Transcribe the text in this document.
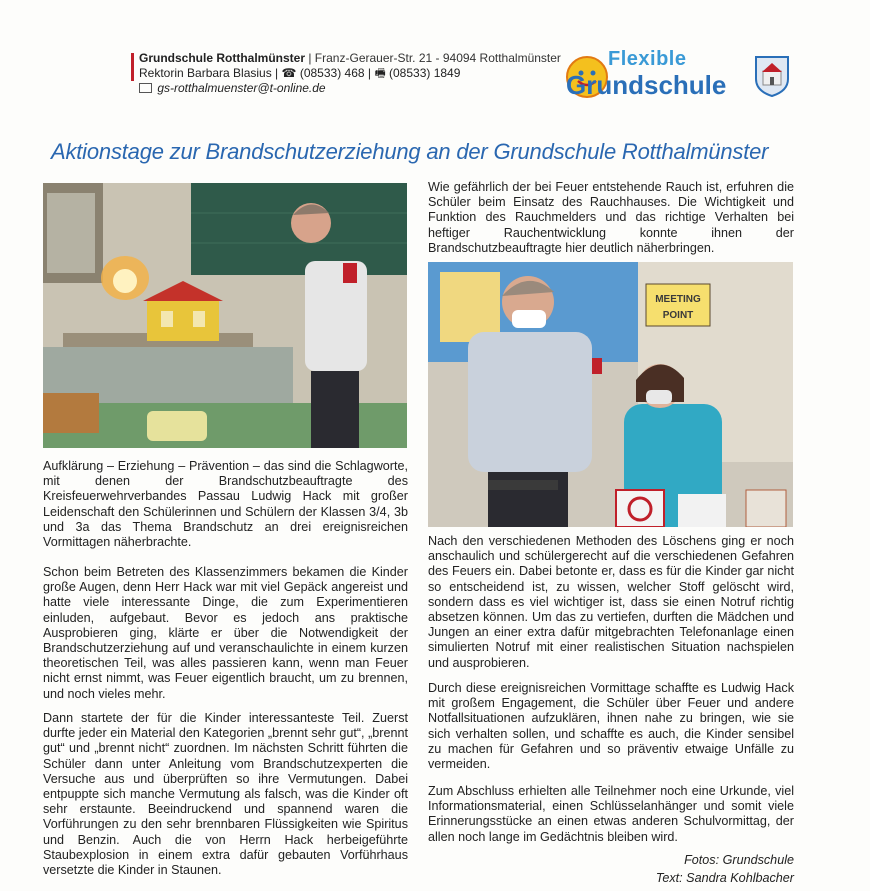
Grundschule Rotthalmünster | Franz-Gerauer-Str. 21 - 94094 Rotthalmünster
Rektorin Barbara Blasius | ☎ (08533) 468 | 🖷 (08533) 1849
gs-rotthalmuenster@t-online.de
Flexible
Grundschule
Aktionstage zur Brandschutzerziehung an der Grundschule Rotthalmünster
MEETING
POINT
Aufklärung – Erziehung – Prävention – das sind die Schlagworte, mit denen der Brandschutzbeauftragte des Kreisfeuerwehrverbandes Passau Ludwig Hack mit großer Leidenschaft den Schülerinnen und Schülern der Klassen 3/4, 3b und 3a das Thema Brandschutz an drei ereignisreichen Vormittagen näherbrachte.
Schon beim Betreten des Klassenzimmers bekamen die Kinder große Augen, denn Herr Hack war mit viel Gepäck angereist und hatte viele interessante Dinge, die zum Experimentieren einluden, aufgebaut. Bevor es jedoch ans praktische Ausprobieren ging, klärte er über die Notwendigkeit der Brandschutzerziehung auf und veranschaulichte in einem kurzen theoretischen Teil, was alles passieren kann, wenn man Feuer nicht ernst nimmt, was Feuer eigentlich braucht, um zu brennen, und noch vieles mehr.
Dann startete der für die Kinder interessanteste Teil. Zuerst durfte jeder ein Material den Kategorien „brennt sehr gut“, „brennt gut“ und „brennt nicht“ zuordnen. Im nächsten Schritt führten die Schüler dann unter Anleitung vom Brandschutzexperten die Versuche aus und überprüften so ihre Vermutungen. Dabei entpuppte sich manche Vermutung als falsch, was die Kinder oft sehr erstaunte. Beeindruckend und spannend waren die Vorführungen zu den sehr brennbaren Flüssigkeiten wie Spiritus und Benzin. Auch die von Herrn Hack herbeigeführte Staubexplosion in einem extra dafür gebauten Vorführhaus versetzte die Kinder in Staunen.
Wie gefährlich der bei Feuer entstehende Rauch ist, erfuhren die Schüler beim Einsatz des Rauchhauses. Die Wichtigkeit und Funktion des Rauchmelders und das richtige Verhalten bei heftiger Rauchentwicklung konnte ihnen der Brandschutzbeauftragte hier deutlich näherbringen.
Nach den verschiedenen Methoden des Löschens ging er noch anschaulich und schülergerecht auf die verschiedenen Gefahren des Feuers ein. Dabei betonte er, dass es für die Kinder gar nicht so entscheidend ist, zu wissen, welcher Stoff gelöscht wird, sondern dass es viel wichtiger ist, dass sie einen Notruf richtig absetzen können. Um das zu vertiefen, durften die Mädchen und Jungen an einer extra dafür mitgebrachten Telefonanlage einen simulierten Notruf mit einer realistischen Situation nachspielen und ausprobieren.
Durch diese ereignisreichen Vormittage schaffte es Ludwig Hack mit großem Engagement, die Schüler über Feuer und andere Notfallsituationen aufzuklären, ihnen nahe zu bringen, wie sie sich verhalten sollen, und schaffte es auch, die Kinder sensibel zu machen für Gefahren und so präventiv etwaige Unfälle zu vermeiden.
Zum Abschluss erhielten alle Teilnehmer noch eine Urkunde, viel Informationsmaterial, einen Schlüsselanhänger und somit viele Erinnerungsstücke an einen etwas anderen Schulvormittag, der allen noch lange im Gedächtnis bleiben wird.
Fotos: Grundschule
Text: Sandra Kohlbacher
